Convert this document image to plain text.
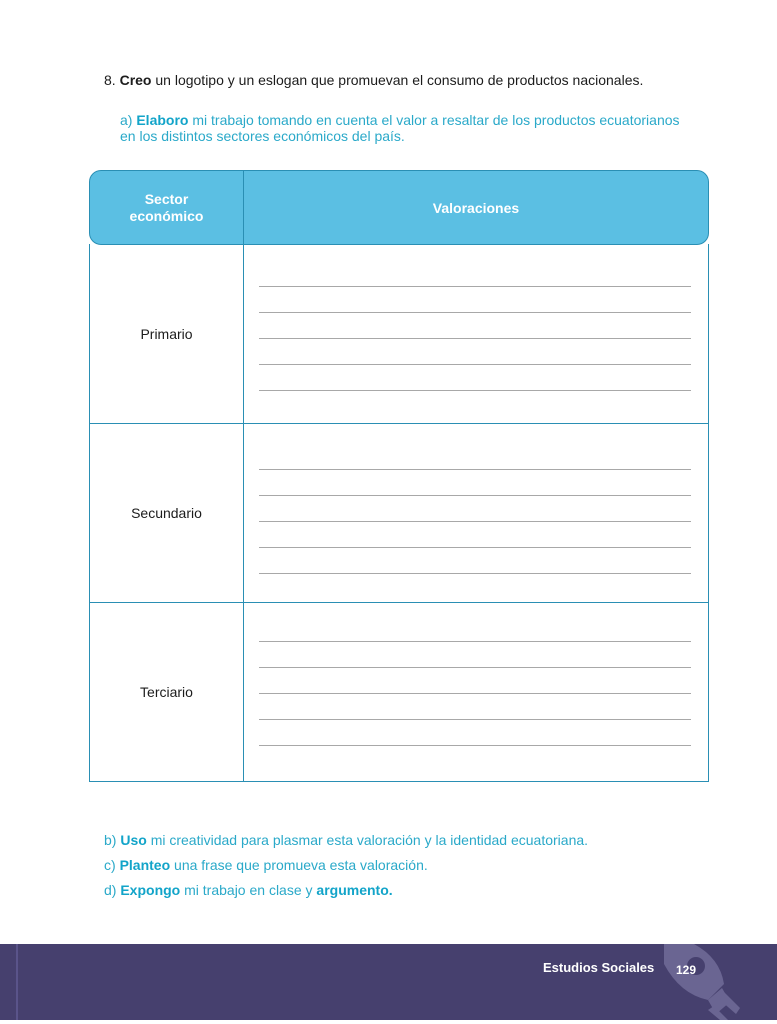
8. Creo un logotipo y un eslogan que promuevan el consumo de productos nacionales.
a) Elaboro mi trabajo tomando en cuenta el valor a resaltar de los productos ecuatorianos
en los distintos sectores económicos del país.
Sector
económico	Valoraciones
Primario
Secundario
Terciario
b) Uso mi creatividad para plasmar esta valoración y la identidad ecuatoriana.
c) Planteo una frase que promueva esta valoración.
d) Expongo mi trabajo en clase y argumento.
Estudios Sociales 129
